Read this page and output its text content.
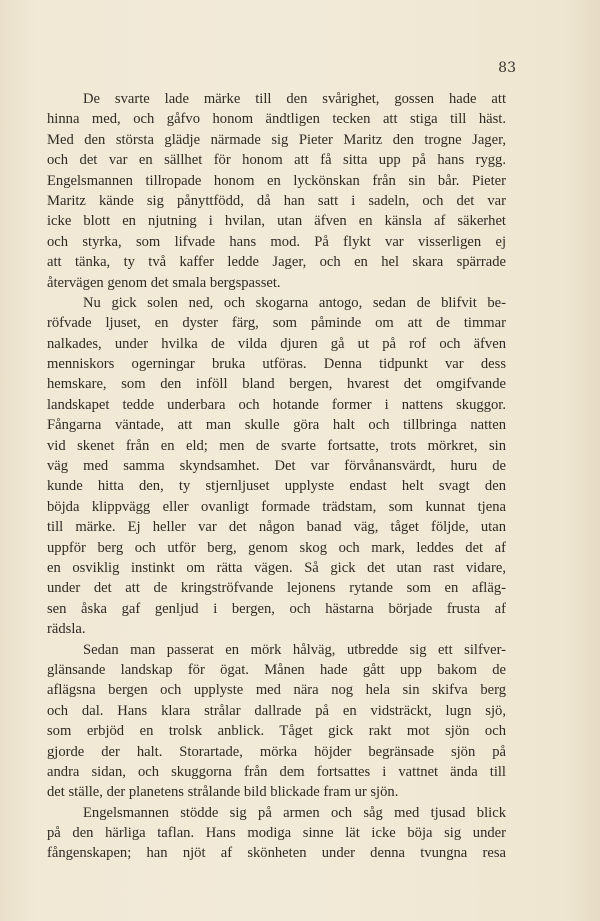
83
De svarte lade märke till den svårighet, gossen hade att
hinna med, och gåfvo honom ändtligen tecken att stiga till häst.
Med den största glädje närmade sig Pieter Maritz den trogne Jager,
och det var en sällhet för honom att få sitta upp på hans rygg.
Engelsmannen tillropade honom en lyckönskan från sin bår. Pieter
Maritz kände sig pånyttfödd, då han satt i sadeln, och det var
icke blott en njutning i hvilan, utan äfven en känsla af säkerhet
och styrka, som lifvade hans mod. På flykt var visserligen ej
att tänka, ty två kaffer ledde Jager, och en hel skara spärrade
återvägen genom det smala bergspasset.
Nu gick solen ned, och skogarna antogo, sedan de blifvit be-
röfvade ljuset, en dyster färg, som påminde om att de timmar
nalkades, under hvilka de vilda djuren gå ut på rof och äfven
menniskors ogerningar bruka utföras. Denna tidpunkt var dess
hemskare, som den inföll bland bergen, hvarest det omgifvande
landskapet tedde underbara och hotande former i nattens skuggor.
Fångarna väntade, att man skulle göra halt och tillbringa natten
vid skenet från en eld; men de svarte fortsatte, trots mörkret, sin
väg med samma skyndsamhet. Det var förvånansvärdt, huru de
kunde hitta den, ty stjernljuset upplyste endast helt svagt den
böjda klippvägg eller ovanligt formade trädstam, som kunnat tjena
till märke. Ej heller var det någon banad väg, tåget följde, utan
uppför berg och utför berg, genom skog och mark, leddes det af
en osviklig instinkt om rätta vägen. Så gick det utan rast vidare,
under det att de kringströfvande lejonens rytande som en afläg-
sen åska gaf genljud i bergen, och hästarna började frusta af
rädsla.
Sedan man passerat en mörk hålväg, utbredde sig ett silfver-
glänsande landskap för ögat. Månen hade gått upp bakom de
aflägsna bergen och upplyste med nära nog hela sin skifva berg
och dal. Hans klara strålar dallrade på en vidsträckt, lugn sjö,
som erbjöd en trolsk anblick. Tåget gick rakt mot sjön och
gjorde der halt. Storartade, mörka höjder begränsade sjön på
andra sidan, och skuggorna från dem fortsattes i vattnet ända till
det ställe, der planetens strålande bild blickade fram ur sjön.
Engelsmannen stödde sig på armen och såg med tjusad blick
på den härliga taflan. Hans modiga sinne lät icke böja sig under
fångenskapen; han njöt af skönheten under denna tvungna resa
